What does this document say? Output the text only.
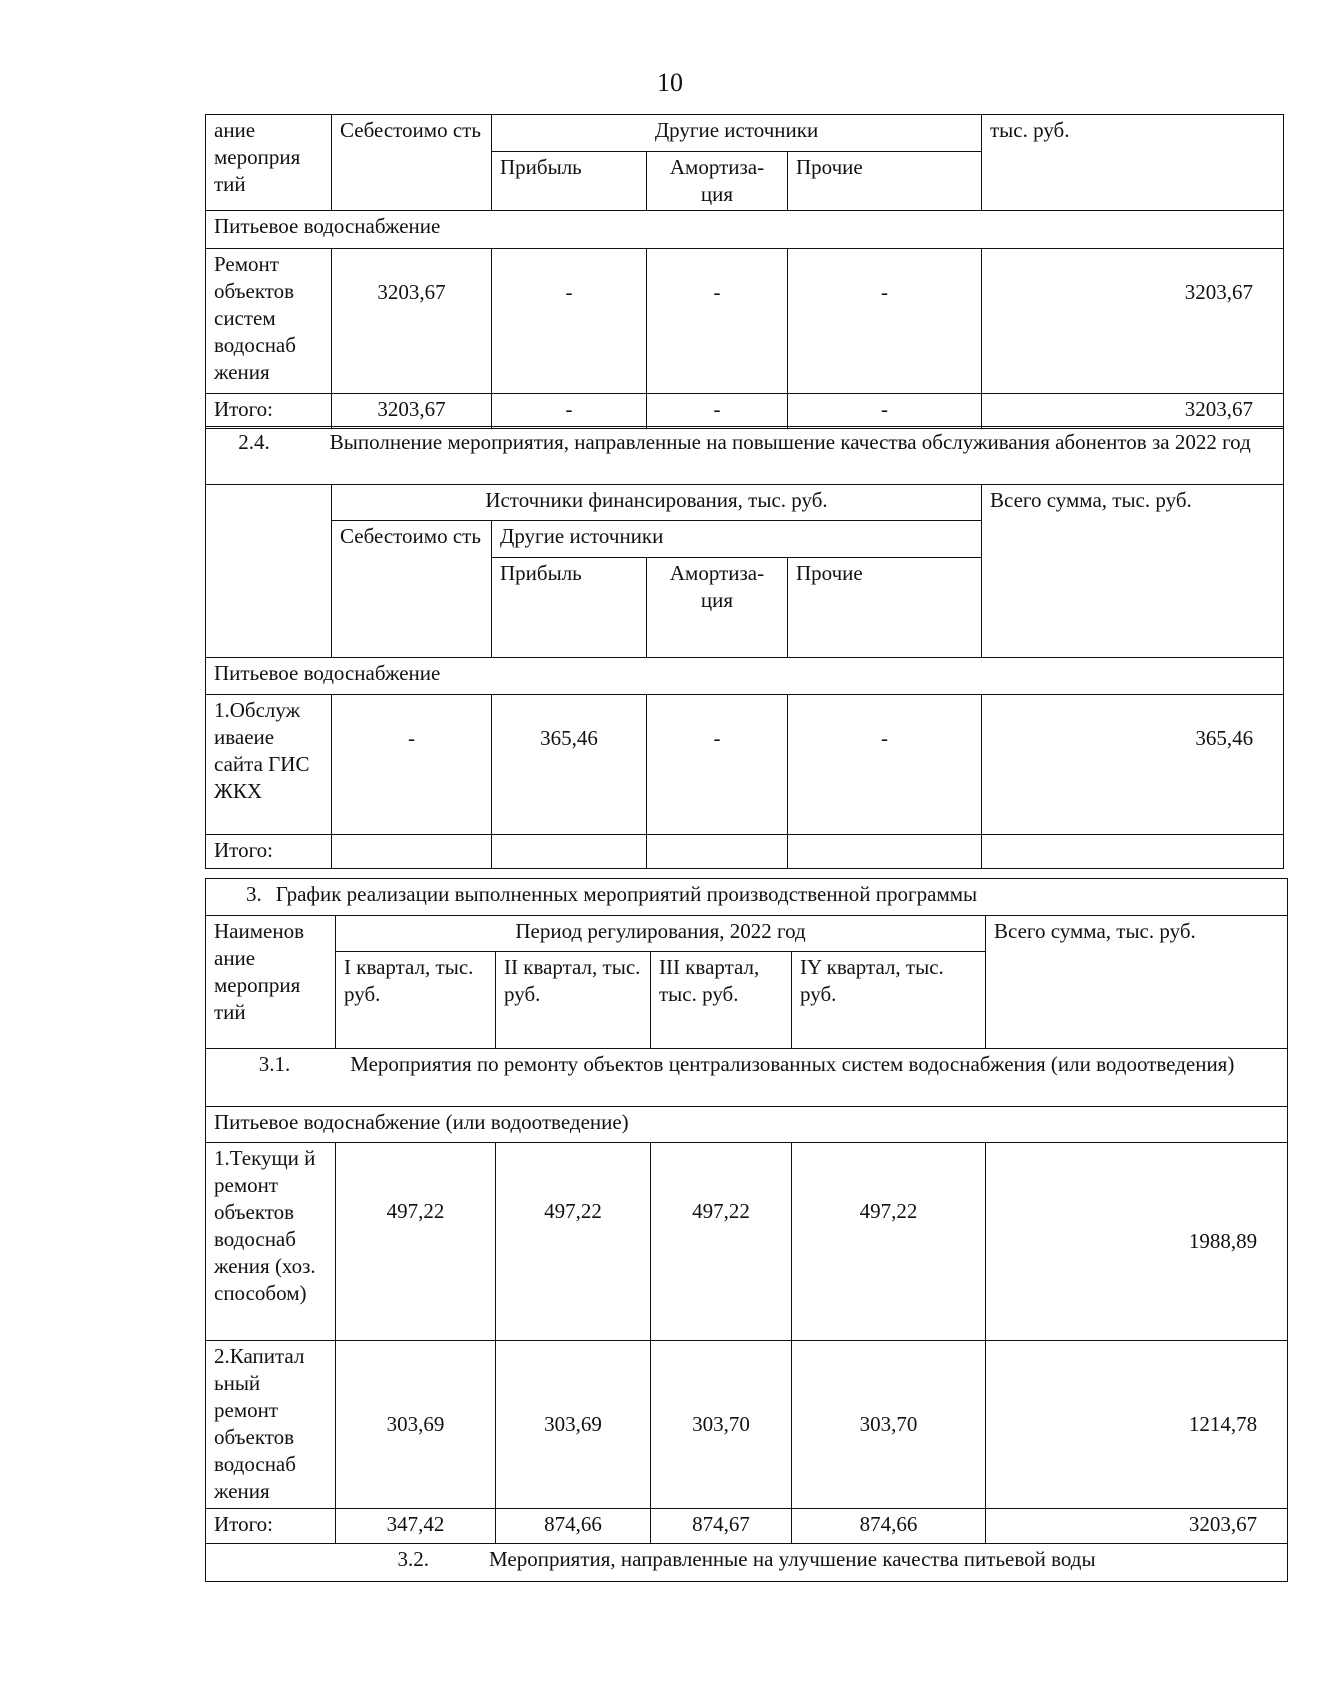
10
ание мероприя тий	Себестоимо сть	Другие источники			тыс. руб.
		Прибыль	Амортиза-ция	Прочие	
Питьевое водоснабжение					
Ремонт объектов систем водоснаб жения	3203,67	-	-	-	3203,67
Итого:	3203,67	-	-	-	3203,67
2.4. Выполнение мероприятия, направленные на повышение качества обслуживания абонентов за 2022 год					
	Источники финансирования, тыс. руб.				Всего сумма, тыс. руб.
	Себестоимо сть	Другие источники			
		Прибыль	Амортиза-ция	Прочие	
Питьевое водоснабжение					
1.Обслуж иваеие сайта ГИС ЖКХ	-	365,46	-	-	365,46
Итого:					
3. График реализации выполненных мероприятий производственной программы					
Наименов ание мероприя тий	Период регулирования, 2022 год				Всего сумма, тыс. руб.
	I квартал, тыс. руб.	II квартал, тыс. руб.	III квартал, тыс. руб.	IY квартал, тыс. руб.	
3.1. Мероприятия по ремонту объектов централизованных систем водоснабжения (или водоотведения)					
Питьевое водоснабжение (или водоотведение)					
1.Текущи й ремонт объектов водоснаб жения (хоз. способом)	497,22	497,22	497,22	497,22	1988,89
2.Капитал ьный ремонт объектов водоснаб жения	303,69	303,69	303,70	303,70	1214,78
Итого:	347,42	874,66	874,67	874,66	3203,67
3.2. Мероприятия, направленные на улучшение качества питьевой воды					
